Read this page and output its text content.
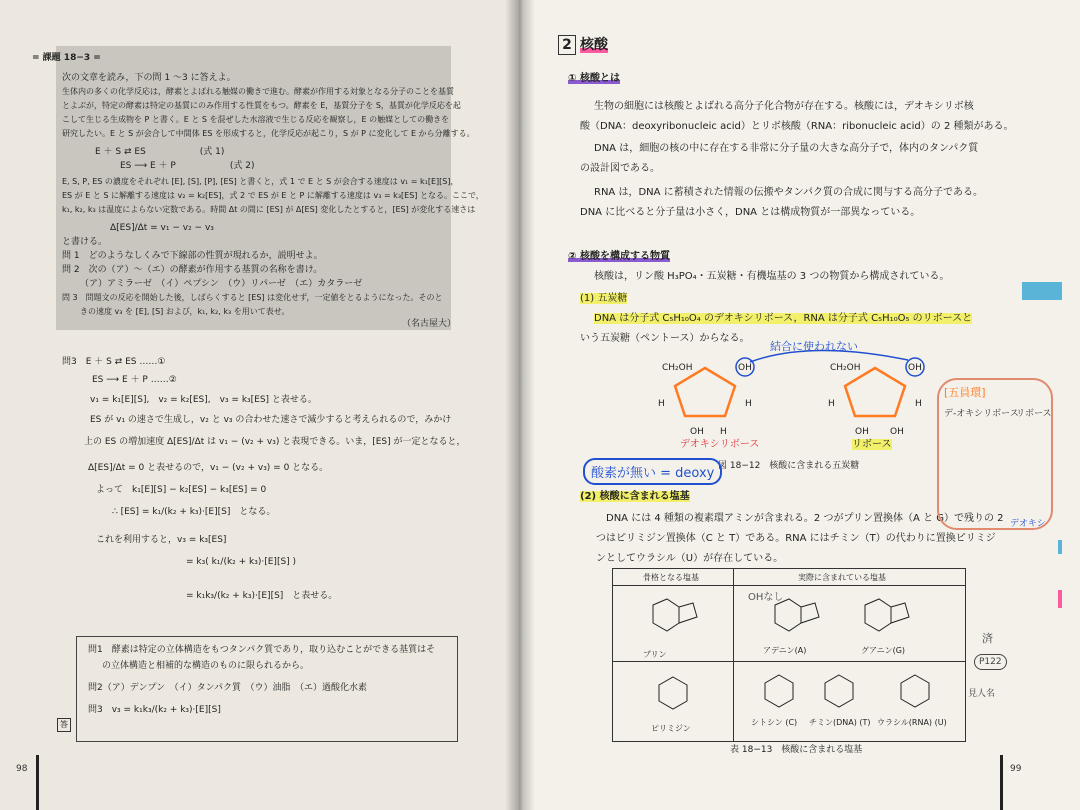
= 課題 18−3 =
次の文章を読み，下の問 1 〜3 に答えよ。
生体内の多くの化学反応は，酵素とよばれる触媒の働きで進む。酵素が作用する対象となる分子のことを基質
とよぶが，特定の酵素は特定の基質にのみ作用する性質をもつ。酵素を E，基質分子を S，基質が化学反応を起
こして生じる生成物を P と書く。E と S を混ぜした水溶液で生じる反応を観察し，E の触媒としての働きを
研究したい。E と S が会合して中間体 ES を形成すると，化学反応が起こり，S が P に変化して E から分離する。
E ＋ S ⇄ ES　　　　　　(式 1)
ES ⟶ E ＋ P　　　　　　(式 2)
E, S, P, ES の濃度をそれぞれ [E], [S], [P], [ES] と書くと，式 1 で E と S が会合する速度は v₁ = k₁[E][S]，
ES が E と S に解離する速度は v₂ = k₂[ES]，式 2 で ES が E と P に解離する速度は v₃ = k₃[ES] となる。ここで，
k₁, k₂, k₃ は温度によらない定数である。時間 Δt の間に [ES] が Δ[ES] 変化したとすると，[ES] が変化する速さは
Δ[ES]/Δt = v₁ − v₂ − v₃
と書ける。
問 1　どのようなしくみで下線部の性質が現れるか，説明せよ。
問 2　次の（ア）〜（エ）の酵素が作用する基質の名称を書け。
（ア）アミラーゼ　（イ）ペプシン　（ウ）リパーゼ　（エ）カタラーゼ
問 3　問題文の反応を開始した後，しばらくすると [ES] は変化せず，一定値をとるようになった。そのと
きの速度 v₃ を [E], [S] および，k₁, k₂, k₃ を用いて表せ。
（名古屋大）
問3　E ＋ S ⇄ ES ……①
ES ⟶ E ＋ P ……②
v₁ = k₁[E][S],　v₂ = k₂[ES],　v₃ = k₃[ES] と表せる。
ES が v₁ の速さで生成し，v₂ と v₃ の合わせた速さで減少すると考えられるので，みかけ
上の ES の増加速度 Δ[ES]/Δt は v₁ − (v₂ + v₃) と表現できる。いま，[ES] が一定となると，
Δ[ES]/Δt = 0 と表せるので，v₁ − (v₂ + v₃) = 0 となる。
よって　k₁[E][S] − k₂[ES] − k₃[ES] = 0
∴ [ES] = k₁/(k₂ + k₃)·[E][S]　となる。
これを利用すると，v₃ = k₃[ES]
= k₃( k₁/(k₂ + k₃)·[E][S] )
= k₁k₃/(k₂ + k₃)·[E][S]　と表せる。
問1　酵素は特定の立体構造をもつタンパク質であり，取り込むことができる基質はそ
の立体構造と相補的な構造のものに限られるから。
問2（ア）デンプン　（イ）タンパク質　（ウ）油脂　（エ）過酸化水素
問3　v₃ = k₁k₃/(k₂ + k₃)·[E][S]
答
98
2 核酸
① 核酸とは
生物の細胞には核酸とよばれる高分子化合物が存在する。核酸には，デオキシリボ核
酸（DNA：deoxyribonucleic acid）とリボ核酸（RNA：ribonucleic acid）の 2 種類がある。
DNA は，細胞の核の中に存在する非常に分子量の大きな高分子で，体内のタンパク質
の設計図である。
RNA は，DNA に蓄積された情報の伝搬やタンパク質の合成に関与する高分子である。
DNA に比べると分子量は小さく，DNA とは構成物質が一部異なっている。
② 核酸を構成する物質
核酸は，リン酸 H₃PO₄・五炭糖・有機塩基の 3 つの物質から構成されている。
(1) 五炭糖
DNA は分子式 C₅H₁₀O₄ のデオキシリボース，RNA は分子式 C₅H₁₀O₅ のリボースと
いう五炭糖（ペントース）からなる。
CH₂OH	OH
H	H
OH H
CH₂OH	OH
H	H
OH OH
デオキシリボース	リボース
図 18−12　核酸に含まれる五炭糖
酸素が無い = deoxy
結合に使われない
(2) 核酸に含まれる塩基
DNA には 4 種類の複素環アミンが含まれる。2 つがプリン置換体（A と G）で残りの 2
つはピリミジン置換体（C と T）である。RNA にはチミン（T）の代わりに置換ピリミジ
ンとしてウラシル（U）が存在している。
骨格となる塩基	実際に含まれている塩基
プリン	アデニン(A)	グアニン(G)
ピリミジン
シトシン (C) チミン(DNA) (T) ウラシル(RNA) (U)
表 18−13　核酸に含まれる塩基
[五員環]
デ-オキシリボース
リボース
デオキシ
OHなし
済
P122
見人名
99
